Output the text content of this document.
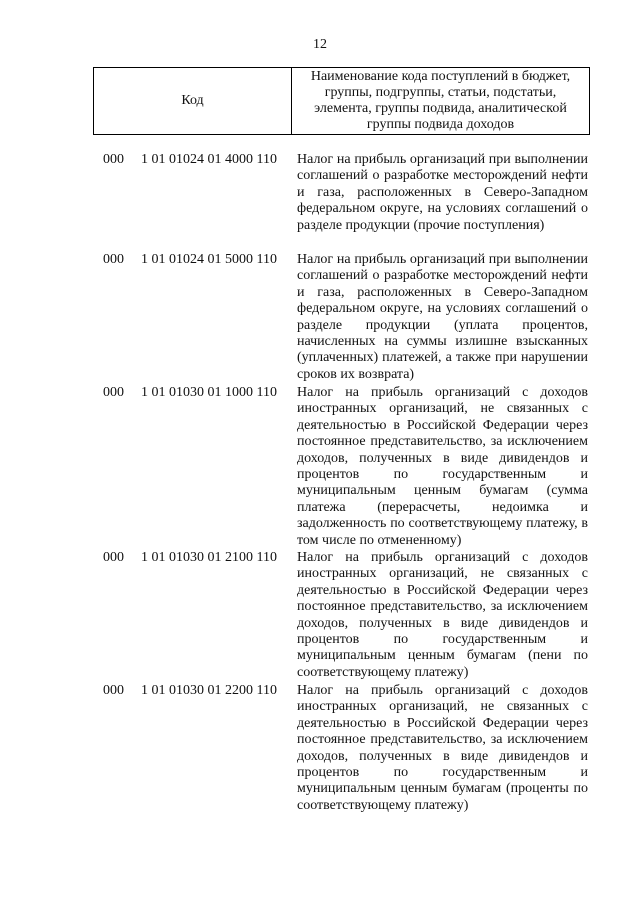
12
Код
Наименование кода поступлений в бюджет, группы, подгруппы, статьи, подстатьи, элемента, группы подвида, аналитической группы подвида доходов
000 1 01 01024 01 4000 110 Налог на прибыль организаций при выполнении соглашений о разработке месторождений нефти и газа, расположенных в Северо-Западном федеральном округе, на условиях соглашений о разделе продукции (прочие поступления)
000 1 01 01024 01 5000 110 Налог на прибыль организаций при выполнении соглашений о разработке месторождений нефти и газа, расположенных в Северо-Западном федеральном округе, на условиях соглашений о разделе продукции (уплата процентов, начисленных на суммы излишне взысканных (уплаченных) платежей, а также при нарушении сроков их возврата)
000 1 01 01030 01 1000 110 Налог на прибыль организаций с доходов иностранных организаций, не связанных с деятельностью в Российской Федерации через постоянное представительство, за исключением доходов, полученных в виде дивидендов и процентов по государственным и муниципальным ценным бумагам (сумма платежа (перерасчеты, недоимка и задолженность по соответствующему платежу, в том числе по отмененному)
000 1 01 01030 01 2100 110 Налог на прибыль организаций с доходов иностранных организаций, не связанных с деятельностью в Российской Федерации через постоянное представительство, за исключением доходов, полученных в виде дивидендов и процентов по государственным и муниципальным ценным бумагам (пени по соответствующему платежу)
000 1 01 01030 01 2200 110 Налог на прибыль организаций с доходов иностранных организаций, не связанных с деятельностью в Российской Федерации через постоянное представительство, за исключением доходов, полученных в виде дивидендов и процентов по государственным и муниципальным ценным бумагам (проценты по соответствующему платежу)
